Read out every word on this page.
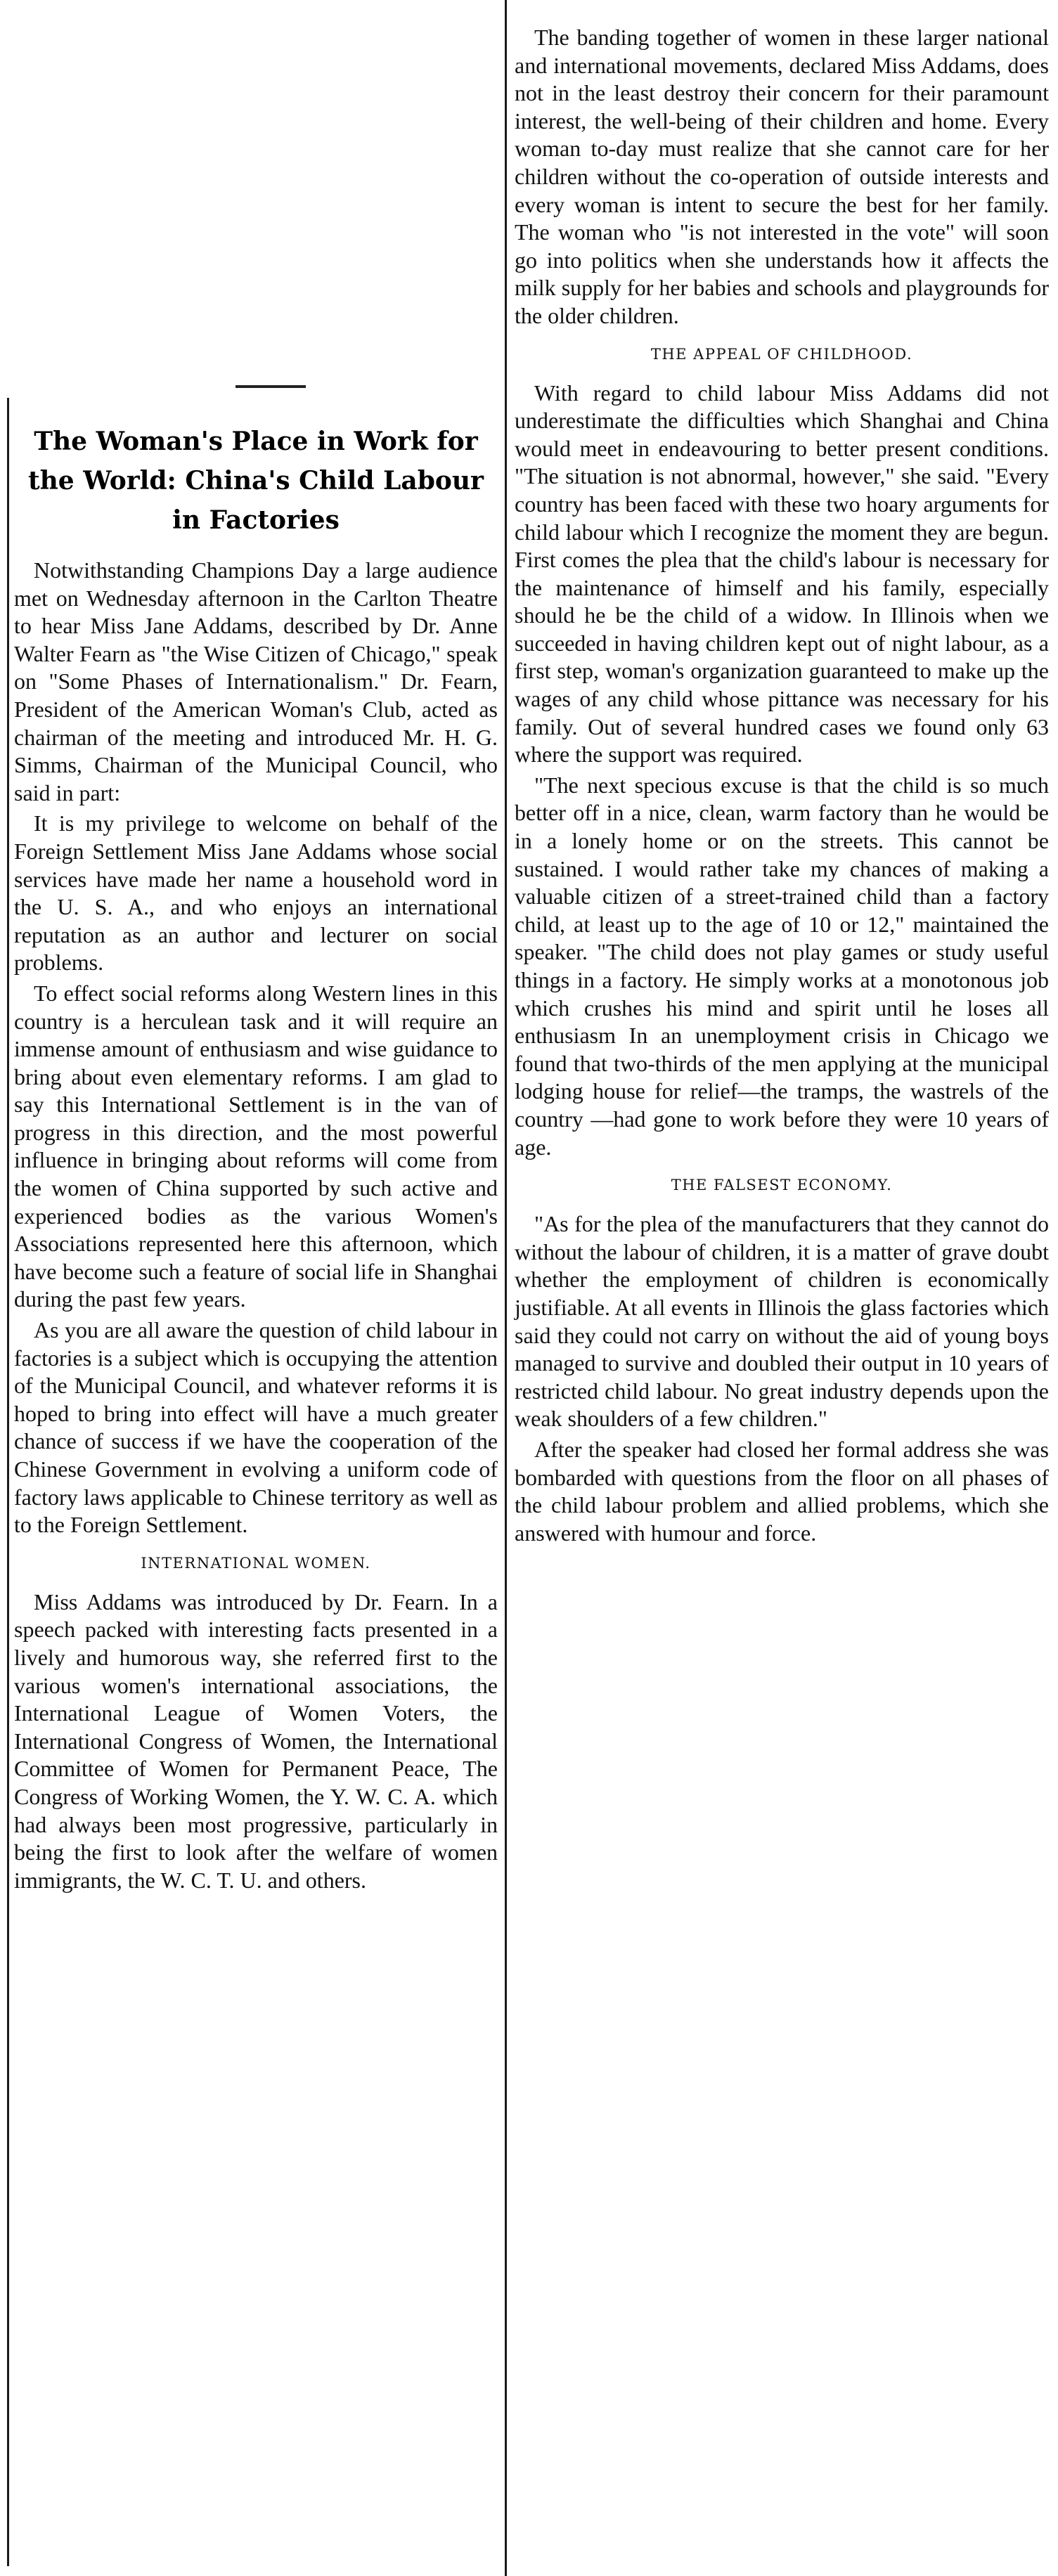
The Woman's Place in Work for the World: China's Child Labour in Factories

Notwithstanding Champions Day a large audience met on Wednesday afternoon in the Carlton Theatre to hear Miss Jane Addams, described by Dr. Anne Walter Fearn as "the Wise Citizen of Chicago," speak on "Some Phases of Internationalism." Dr. Fearn, President of the American Woman's Club, acted as chairman of the meeting and introduced Mr. H. G. Simms, Chairman of the Municipal Council, who said in part:

It is my privilege to welcome on behalf of the Foreign Settlement Miss Jane Addams whose social services have made her name a household word in the U. S. A., and who enjoys an international reputation as an author and lecturer on social problems.

To effect social reforms along Western lines in this country is a herculean task and it will require an immense amount of enthusiasm and wise guidance to bring about even elementary reforms. I am glad to say this International Settlement is in the van of progress in this direction, and the most powerful influence in bringing about reforms will come from the women of China supported by such active and experienced bodies as the various Women's Associations represented here this afternoon, which have become such a feature of social life in Shanghai during the past few years.

As you are all aware the question of child labour in factories is a subject which is occupying the attention of the Municipal Council, and whatever reforms it is hoped to bring into effect will have a much greater chance of success if we have the cooperation of the Chinese Government in evolving a uniform code of factory laws applicable to Chinese territory as well as to the Foreign Settlement.

INTERNATIONAL WOMEN.

Miss Addams was introduced by Dr. Fearn. In a speech packed with interesting facts presented in a lively and humorous way, she referred first to the various women's international associations, the International League of Women Voters, the International Congress of Women, the International Committee of Women for Permanent Peace, The Congress of Working Women, the Y. W. C. A. which had always been most progressive, particularly in being the first to look after the welfare of women immigrants, the W. C. T. U. and others.

The banding together of women in these larger national and international movements, declared Miss Addams, does not in the least destroy their concern for their paramount interest, the well-being of their children and home. Every woman to-day must realize that she cannot care for her children without the co-operation of outside interests and every woman is intent to secure the best for her family. The woman who "is not interested in the vote" will soon go into politics when she understands how it affects the milk supply for her babies and schools and playgrounds for the older children.

THE APPEAL OF CHILDHOOD.

With regard to child labour Miss Addams did not underestimate the difficulties which Shanghai and China would meet in endeavouring to better present conditions. "The situation is not abnormal, however," she said. "Every country has been faced with these two hoary arguments for child labour which I recognize the moment they are begun. First comes the plea that the child's labour is necessary for the maintenance of himself and his family, especially should he be the child of a widow. In Illinois when we succeeded in having children kept out of night labour, as a first step, woman's organization guaranteed to make up the wages of any child whose pittance was necessary for his family. Out of several hundred cases we found only 63 where the support was required.

"The next specious excuse is that the child is so much better off in a nice, clean, warm factory than he would be in a lonely home or on the streets. This cannot be sustained. I would rather take my chances of making a valuable citizen of a street-trained child than a factory child, at least up to the age of 10 or 12," maintained the speaker. "The child does not play games or study useful things in a factory. He simply works at a monotonous job which crushes his mind and spirit until he loses all enthusiasm In an unemployment crisis in Chicago we found that two-thirds of the men applying at the municipal lodging house for relief—the tramps, the wastrels of the country —had gone to work before they were 10 years of age.

THE FALSEST ECONOMY.

"As for the plea of the manufacturers that they cannot do without the labour of children, it is a matter of grave doubt whether the employment of children is economically justifiable. At all events in Illinois the glass factories which said they could not carry on without the aid of young boys managed to survive and doubled their output in 10 years of restricted child labour. No great industry depends upon the weak shoulders of a few children."

After the speaker had closed her formal address she was bombarded with questions from the floor on all phases of the child labour problem and allied problems, which she answered with humour and force.
